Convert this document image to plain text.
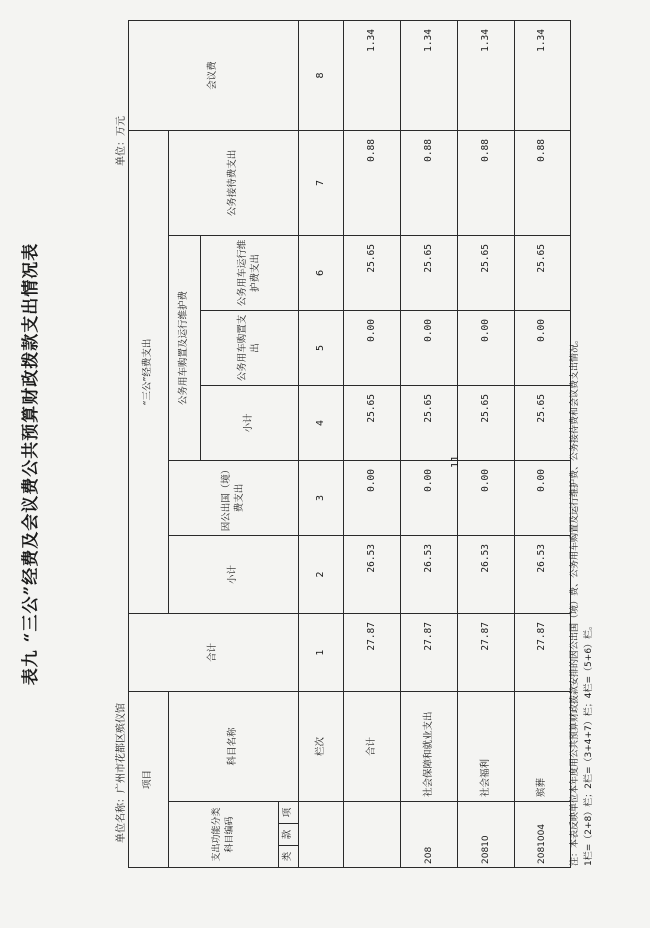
表九 “三公”经费及会议费公共预算财政拨款支出情况表
单位名称：广州市花都区殡仪馆
单位：万元
项目				合计	“三公”经费支出						会议费
支出功能分类科目编码			科目名称		小计	因公出国（境）费支出	公务用车购置及运行维护费			公务接待费支出	
							小计	公务用车购置支出	公务用车运行维护费支出		
类	款	项									
			栏次	1	2	3	4	5	6	7	8
			合计	27.87	26.53	0.00	25.65	0.00	25.65	0.88	1.34
208			社会保障和就业支出	27.87	26.53	0.00	25.65	0.00	25.65	0.88	1.34
20810			社会福利	27.87	26.53	0.00	25.65	0.00	25.65	0.88	1.34
2081004			殡葬	27.87	26.53	0.00	25.65	0.00	25.65	0.88	1.34
注：本表反映单位本年度用公共预算财政拨款安排的因公出国（境）费、公务用车购置及运行维护费、公务接待费和会议费支出情况。 1栏=（2+8）栏；2栏=（3+4+7）栏；4栏=（5+6）栏。
11
